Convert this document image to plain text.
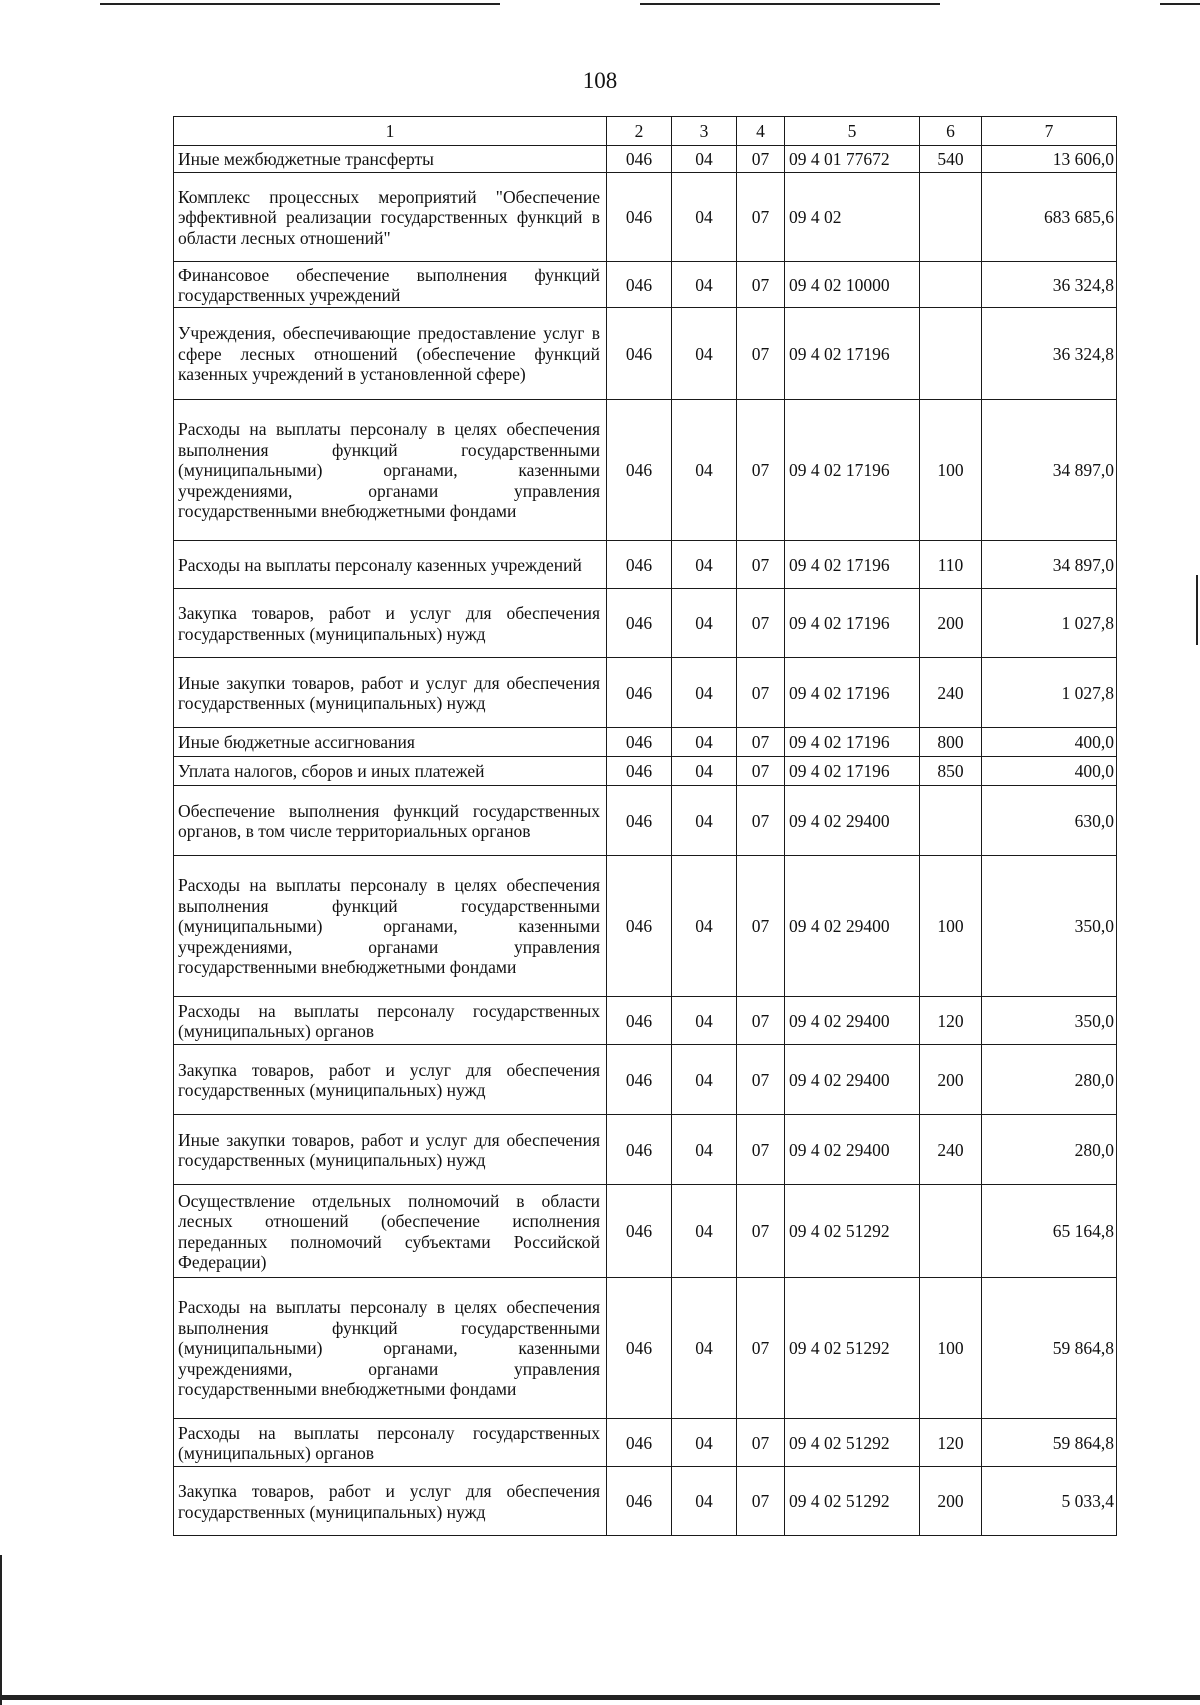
108
1	2	3	4	5	6	7
Иные межбюджетные трансферты	046	04	07	09 4 01 77672	540	13 606,0
Комплекс процессных мероприятий "Обеспечение эффективной реализации государственных функций в области лесных отношений"	046	04	07	09 4 02		683 685,6
Финансовое обеспечение выполнения функций государственных учреждений	046	04	07	09 4 02 10000		36 324,8
Учреждения, обеспечивающие предоставление услуг в сфере лесных отношений (обеспечение функций казенных учреждений в установленной сфере)	046	04	07	09 4 02 17196		36 324,8
Расходы на выплаты персоналу в целях обеспечения выполнения функций государственными (муниципальными) органами, казенными учреждениями, органами управления государственными внебюджетными фондами	046	04	07	09 4 02 17196	100	34 897,0
Расходы на выплаты персоналу казенных учреждений	046	04	07	09 4 02 17196	110	34 897,0
Закупка товаров, работ и услуг для обеспечения государственных (муниципальных) нужд	046	04	07	09 4 02 17196	200	1 027,8
Иные закупки товаров, работ и услуг для обеспечения государственных (муниципальных) нужд	046	04	07	09 4 02 17196	240	1 027,8
Иные бюджетные ассигнования	046	04	07	09 4 02 17196	800	400,0
Уплата налогов, сборов и иных платежей	046	04	07	09 4 02 17196	850	400,0
Обеспечение выполнения функций государственных органов, в том числе территориальных органов	046	04	07	09 4 02 29400		630,0
Расходы на выплаты персоналу в целях обеспечения выполнения функций государственными (муниципальными) органами, казенными учреждениями, органами управления государственными внебюджетными фондами	046	04	07	09 4 02 29400	100	350,0
Расходы на выплаты персоналу государственных (муниципальных) органов	046	04	07	09 4 02 29400	120	350,0
Закупка товаров, работ и услуг для обеспечения государственных (муниципальных) нужд	046	04	07	09 4 02 29400	200	280,0
Иные закупки товаров, работ и услуг для обеспечения государственных (муниципальных) нужд	046	04	07	09 4 02 29400	240	280,0
Осуществление отдельных полномочий в области лесных отношений (обеспечение исполнения переданных полномочий субъектами Российской Федерации)	046	04	07	09 4 02 51292		65 164,8
Расходы на выплаты персоналу в целях обеспечения выполнения функций государственными (муниципальными) органами, казенными учреждениями, органами управления государственными внебюджетными фондами	046	04	07	09 4 02 51292	100	59 864,8
Расходы на выплаты персоналу государственных (муниципальных) органов	046	04	07	09 4 02 51292	120	59 864,8
Закупка товаров, работ и услуг для обеспечения государственных (муниципальных) нужд	046	04	07	09 4 02 51292	200	5 033,4
